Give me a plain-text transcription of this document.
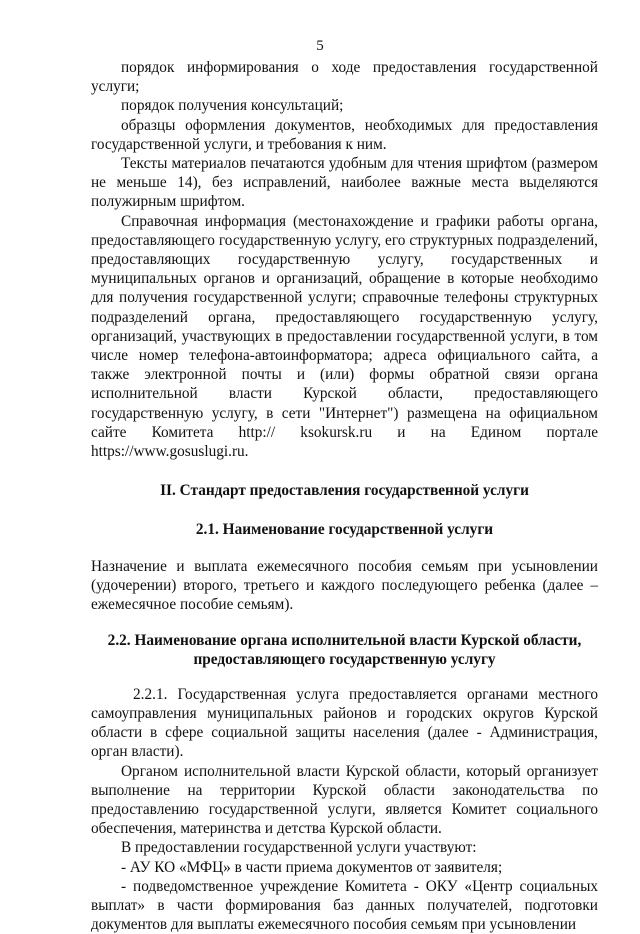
5

порядок информирования о ходе предоставления государственной услуги;

порядок получения консультаций;

образцы оформления документов, необходимых для предоставления государственной услуги, и требования к ним.

Тексты материалов печатаются удобным для чтения шрифтом (размером не меньше 14), без исправлений, наиболее важные места выделяются полужирным шрифтом.

Справочная информация (местонахождение и графики работы органа, предоставляющего государственную услугу, его структурных подразделений, предоставляющих государственную услугу, государственных и муниципальных органов и организаций, обращение в которые необходимо для получения государственной услуги; справочные телефоны структурных подразделений органа, предоставляющего государственную услугу, организаций, участвующих в предоставлении государственной услуги, в том числе номер телефона-автоинформатора; адреса официального сайта, а также электронной почты и (или) формы обратной связи органа исполнительной власти Курской области, предоставляющего государственную услугу, в сети "Интернет") размещена на официальном сайте Комитета http:// ksokursk.ru и на Едином портале https://www.gosuslugi.ru.

II. Стандарт предоставления государственной услуги

2.1. Наименование государственной услуги

Назначение и выплата ежемесячного пособия семьям при усыновлении (удочерении) второго, третьего и каждого последующего ребенка (далее – ежемесячное пособие семьям).

2.2. Наименование органа исполнительной власти Курской области,

предоставляющего государственную услугу

2.2.1. Государственная услуга предоставляется органами местного самоуправления муниципальных районов и городских округов Курской области в сфере социальной защиты населения (далее - Администрация, орган власти).

Органом исполнительной власти Курской области, который организует выполнение на территории Курской области законодательства по предоставлению государственной услуги, является Комитет социального обеспечения, материнства и детства Курской области.

В предоставлении государственной услуги участвуют:

- АУ КО «МФЦ» в части приема документов от заявителя;

- подведомственное учреждение Комитета - ОКУ «Центр социальных выплат» в части формирования баз данных получателей, подготовки документов для выплаты ежемесячного пособия семьям при усыновлении
